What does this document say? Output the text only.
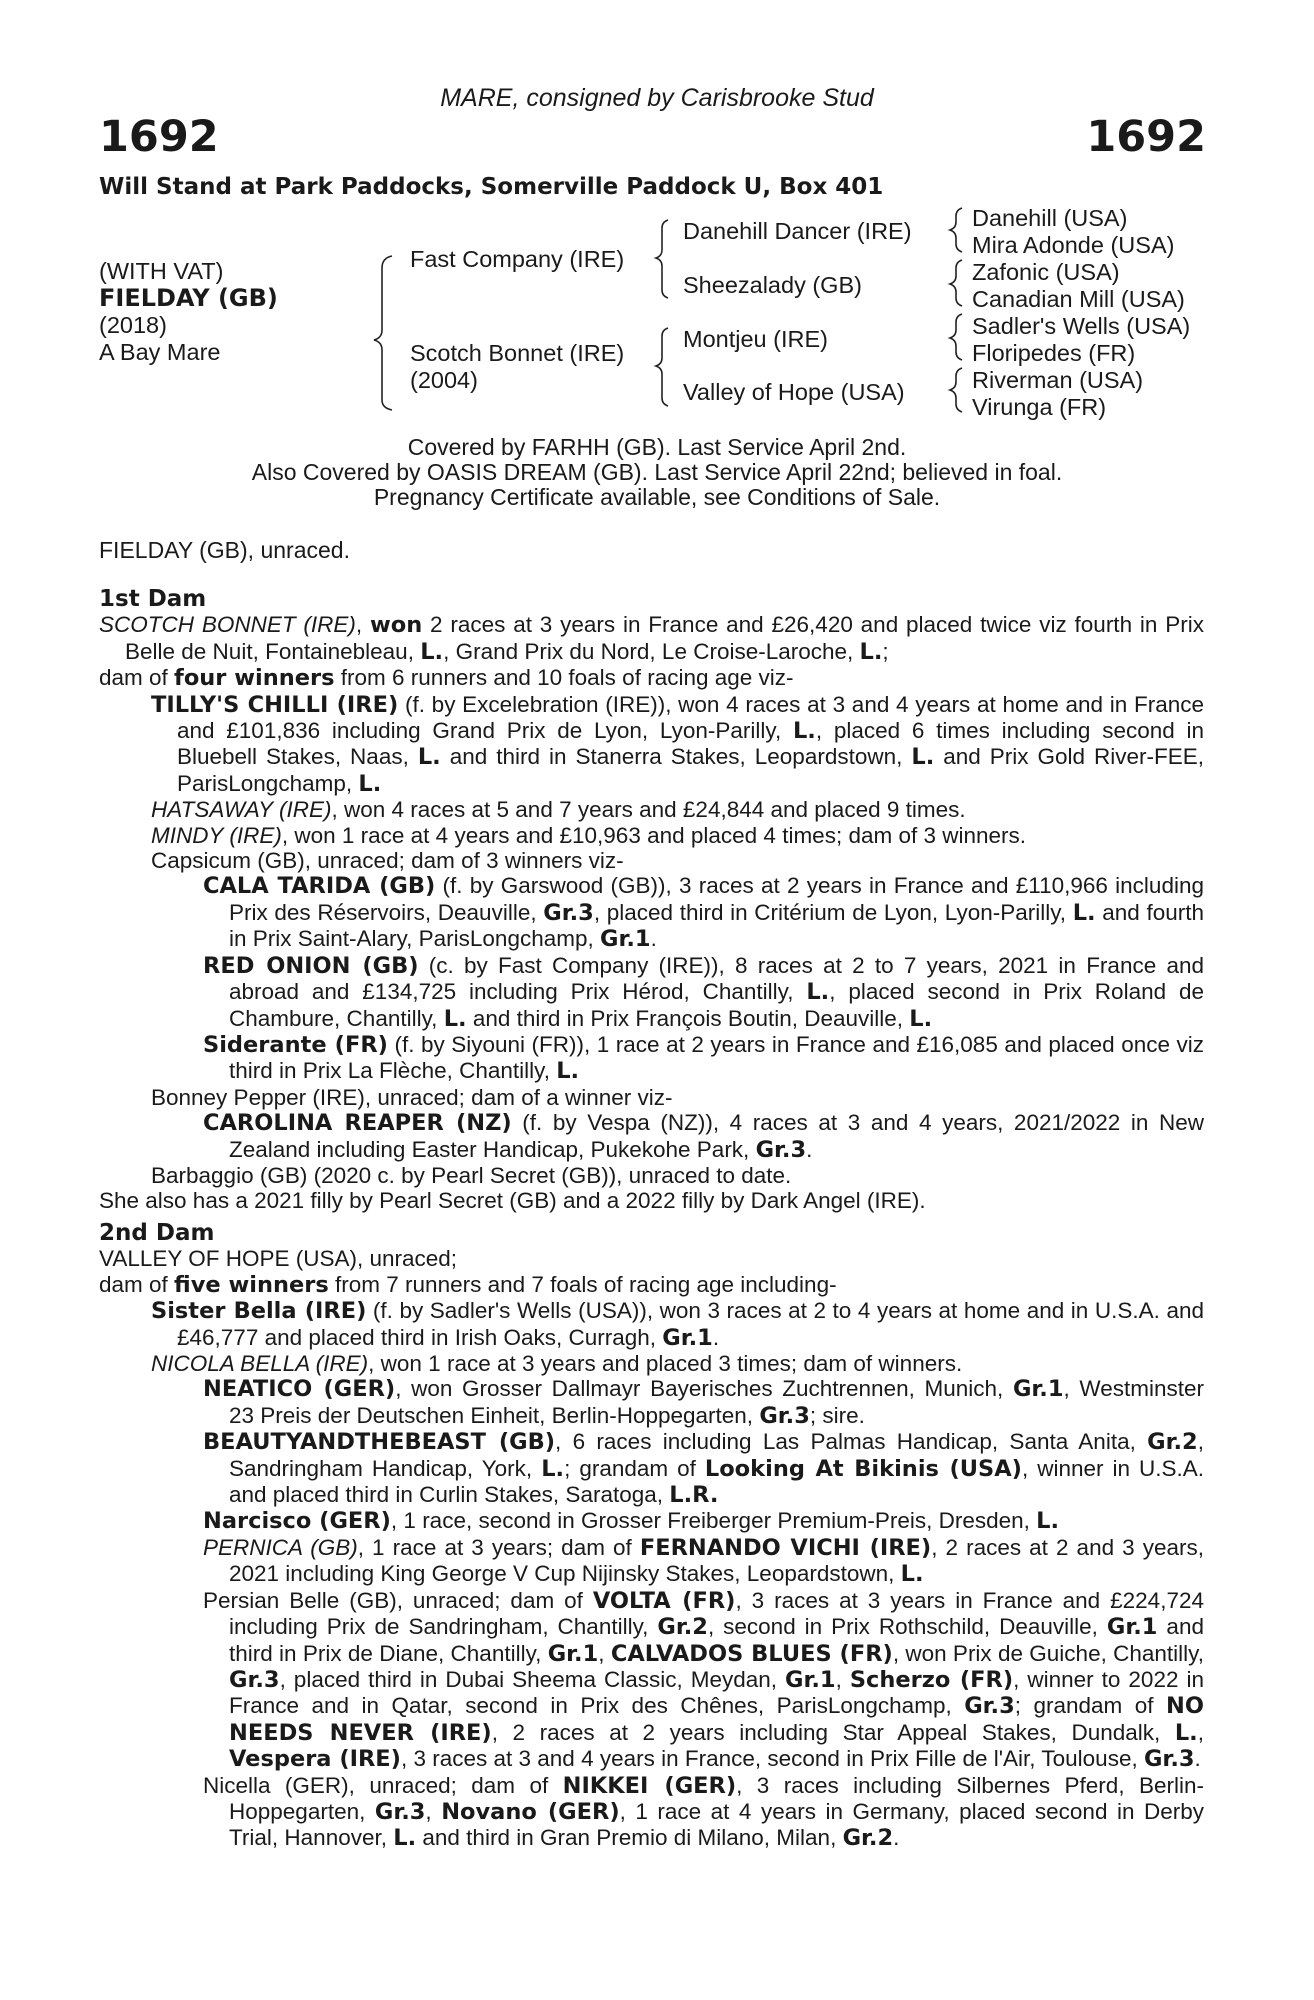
MARE, consigned by Carisbrooke Stud
1692	1692
Will Stand at Park Paddocks, Somerville Paddock U, Box 401
(WITH VAT)
FIELDAY (GB)
(2018)
A Bay Mare
Fast Company (IRE)
Scotch Bonnet (IRE)
(2004)
Danehill Dancer (IRE)
Sheezalady (GB)
Montjeu (IRE)
Valley of Hope (USA)
Danehill (USA)
Mira Adonde (USA)
Zafonic (USA)
Canadian Mill (USA)
Sadler's Wells (USA)
Floripedes (FR)
Riverman (USA)
Virunga (FR)
Covered by FARHH (GB). Last Service April 2nd.
Also Covered by OASIS DREAM (GB). Last Service April 22nd; believed in foal.
Pregnancy Certificate available, see Conditions of Sale.
FIELDAY (GB), unraced.

1st Dam

SCOTCH BONNET (IRE), won 2 races at 3 years in France and £26,420 and placed twice viz fourth in Prix Belle de Nuit, Fontainebleau, L., Grand Prix du Nord, Le Croise-Laroche, L.;

dam of four winners from 6 runners and 10 foals of racing age viz-

TILLY'S CHILLI (IRE) (f. by Excelebration (IRE)), won 4 races at 3 and 4 years at home and in France and £101,836 including Grand Prix de Lyon, Lyon-Parilly, L., placed 6 times including second in Bluebell Stakes, Naas, L. and third in Stanerra Stakes, Leopardstown, L. and Prix Gold River-FEE, ParisLongchamp, L.

HATSAWAY (IRE), won 4 races at 5 and 7 years and £24,844 and placed 9 times.

MINDY (IRE), won 1 race at 4 years and £10,963 and placed 4 times; dam of 3 winners.

Capsicum (GB), unraced; dam of 3 winners viz-

CALA TARIDA (GB) (f. by Garswood (GB)), 3 races at 2 years in France and £110,966 including Prix des Réservoirs, Deauville, Gr.3, placed third in Critérium de Lyon, Lyon-Parilly, L. and fourth in Prix Saint-Alary, ParisLongchamp, Gr.1.

RED ONION (GB) (c. by Fast Company (IRE)), 8 races at 2 to 7 years, 2021 in France and abroad and £134,725 including Prix Hérod, Chantilly, L., placed second in Prix Roland de Chambure, Chantilly, L. and third in Prix François Boutin, Deauville, L.

Siderante (FR) (f. by Siyouni (FR)), 1 race at 2 years in France and £16,085 and placed once viz third in Prix La Flèche, Chantilly, L.

Bonney Pepper (IRE), unraced; dam of a winner viz-

CAROLINA REAPER (NZ) (f. by Vespa (NZ)), 4 races at 3 and 4 years, 2021/2022 in New Zealand including Easter Handicap, Pukekohe Park, Gr.3.

Barbaggio (GB) (2020 c. by Pearl Secret (GB)), unraced to date.

She also has a 2021 filly by Pearl Secret (GB) and a 2022 filly by Dark Angel (IRE).

2nd Dam

VALLEY OF HOPE (USA), unraced;

dam of five winners from 7 runners and 7 foals of racing age including-

Sister Bella (IRE) (f. by Sadler's Wells (USA)), won 3 races at 2 to 4 years at home and in U.S.A. and £46,777 and placed third in Irish Oaks, Curragh, Gr.1.

NICOLA BELLA (IRE), won 1 race at 3 years and placed 3 times; dam of winners.

NEATICO (GER), won Grosser Dallmayr Bayerisches Zuchtrennen, Munich, Gr.1, Westminster 23 Preis der Deutschen Einheit, Berlin-Hoppegarten, Gr.3; sire.

BEAUTYANDTHEBEAST (GB), 6 races including Las Palmas Handicap, Santa Anita, Gr.2, Sandringham Handicap, York, L.; grandam of Looking At Bikinis (USA), winner in U.S.A. and placed third in Curlin Stakes, Saratoga, L.R.

Narcisco (GER), 1 race, second in Grosser Freiberger Premium-Preis, Dresden, L.

PERNICA (GB), 1 race at 3 years; dam of FERNANDO VICHI (IRE), 2 races at 2 and 3 years, 2021 including King George V Cup Nijinsky Stakes, Leopardstown, L.

Persian Belle (GB), unraced; dam of VOLTA (FR), 3 races at 3 years in France and £224,724 including Prix de Sandringham, Chantilly, Gr.2, second in Prix Rothschild, Deauville, Gr.1 and third in Prix de Diane, Chantilly, Gr.1, CALVADOS BLUES (FR), won Prix de Guiche, Chantilly, Gr.3, placed third in Dubai Sheema Classic, Meydan, Gr.1, Scherzo (FR), winner to 2022 in France and in Qatar, second in Prix des Chênes, ParisLongchamp, Gr.3; grandam of NO NEEDS NEVER (IRE), 2 races at 2 years including Star Appeal Stakes, Dundalk, L., Vespera (IRE), 3 races at 3 and 4 years in France, second in Prix Fille de l'Air, Toulouse, Gr.3.

Nicella (GER), unraced; dam of NIKKEI (GER), 3 races including Silbernes Pferd, Berlin-Hoppegarten, Gr.3, Novano (GER), 1 race at 4 years in Germany, placed second in Derby Trial, Hannover, L. and third in Gran Premio di Milano, Milan, Gr.2.
